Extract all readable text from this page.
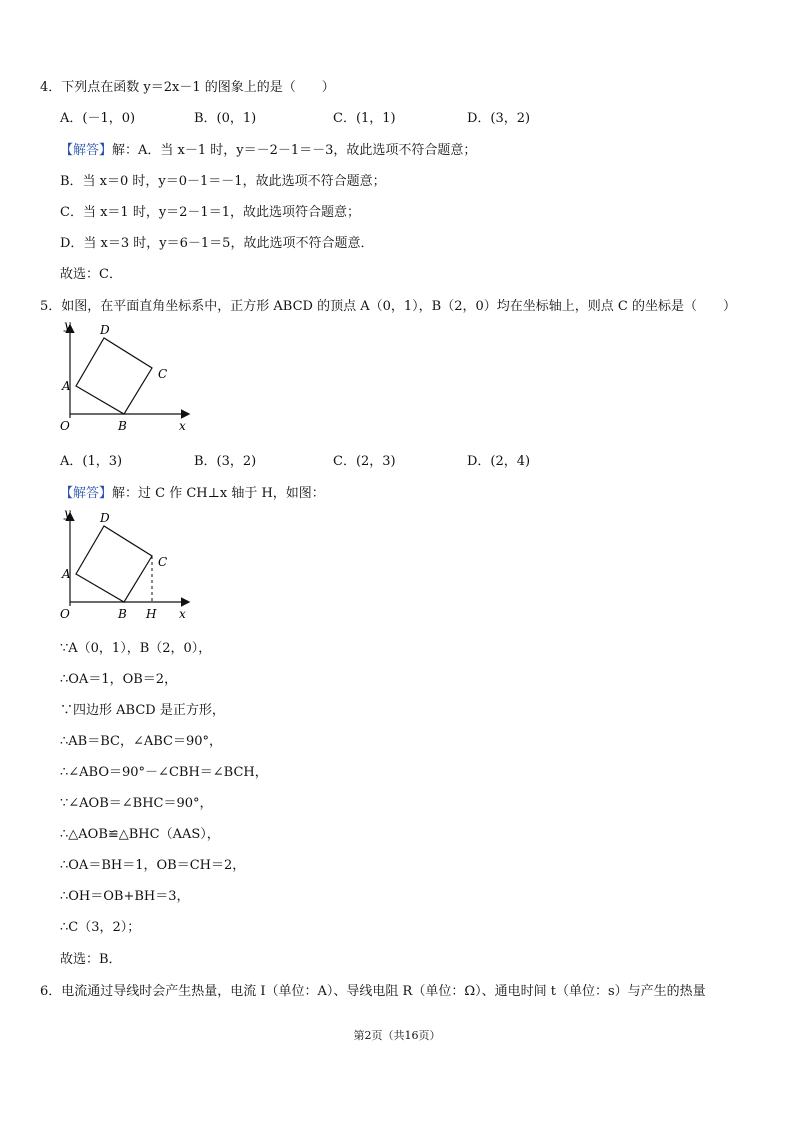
4．下列点在函数 y＝2x－1 的图象上的是（　　）
A．(－1，0)	B．(0，1)	C．(1，1)	D．(3，2)
【解答】解：A．当 x－1 时，y＝－2－1＝－3，故此选项不符合题意；
B．当 x＝0 时，y＝0－1＝－1，故此选项不符合题意；
C．当 x＝1 时，y＝2－1＝1，故此选项符合题意；
D．当 x＝3 时，y＝6－1＝5，故此选项不符合题意．
故选：C．
5．如图，在平面直角坐标系中，正方形 ABCD 的顶点 A（0，1），B（2，0）均在坐标轴上，则点 C 的坐标是（　　）
y
x
O
A
B
C
D
A．(1，3)	B．(3，2)	C．(2，3)	D．(2，4)
【解答】解：过 C 作 CH⊥x 轴于 H，如图：
y
x
O
A
B
C
D
H
∵A（0，1），B（2，0），
∴OA＝1，OB＝2，
∵四边形 ABCD 是正方形，
∴AB＝BC，∠ABC＝90°，
∴∠ABO＝90°－∠CBH＝∠BCH，
∵∠AOB＝∠BHC＝90°，
∴△AOB≌△BHC（AAS），
∴OA＝BH＝1，OB＝CH＝2，
∴OH＝OB+BH＝3，
∴C（3，2）；
故选：B．
6．电流通过导线时会产生热量，电流 I（单位：A）、导线电阻 R（单位：Ω）、通电时间 t（单位：s）与产生的热量
第2页（共16页）
